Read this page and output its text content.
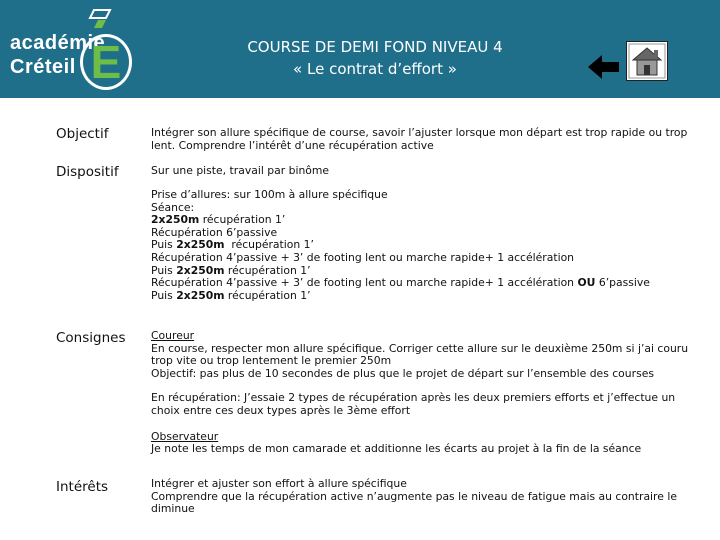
académie
Créteil E	COURSE DE DEMI FOND NIVEAU 4
« Le contrat d’effort »
Objectif	Intégrer son allure spécifique de course, savoir l’ajuster lorsque mon départ est trop rapide ou trop lent. Comprendre l’intérêt d’une récupération active
Dispositif	Sur une piste, travail par binôme
Prise d’allures: sur 100m à allure spécifique
Séance:
2x250m récupération 1’
Récupération 6’passive
Puis 2x250m  récupération 1’
Récupération 4’passive + 3’ de footing lent ou marche rapide+ 1 accélération
Puis 2x250m récupération 1’
Récupération 4’passive + 3’ de footing lent ou marche rapide+ 1 accélération OU 6’passive
Puis 2x250m récupération 1’
Consignes Coureur
En course, respecter mon allure spécifique. Corriger cette allure sur le deuxième 250m si j’ai couru trop vite ou trop lentement le premier 250m
Objectif: pas plus de 10 secondes de plus que le projet de départ sur l’ensemble des courses
En récupération: J’essaie 2 types de récupération après les deux premiers efforts et j’effectue un choix entre ces deux types après le 3ème effort
Observateur
Je note les temps de mon camarade et additionne les écarts au projet à la fin de la séance
Intérêts	Intégrer et ajuster son effort à allure spécifique
Comprendre que la récupération active n’augmente pas le niveau de fatigue mais au contraire le diminue
